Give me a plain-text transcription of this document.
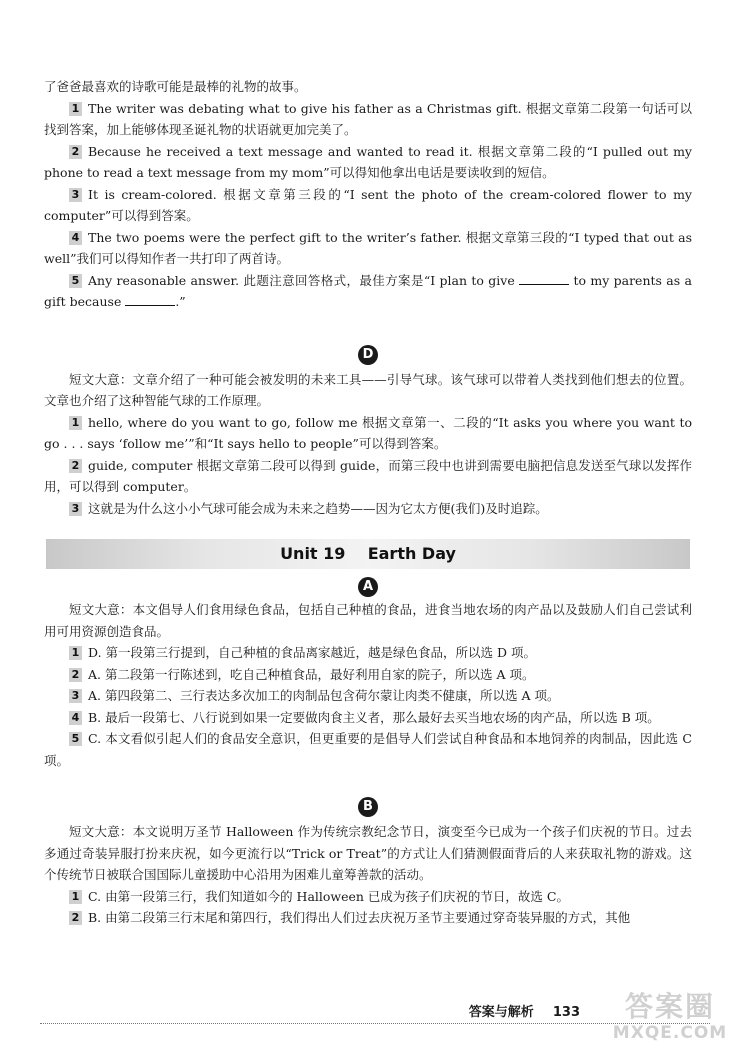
了爸爸最喜欢的诗歌可能是最棒的礼物的故事。

1 The writer was debating what to give his father as a Christmas gift. 根据文章第二段第一句话可以找到答案，加上能够体现圣诞礼物的状语就更加完美了。

2 Because he received a text message and wanted to read it. 根据文章第二段的“I pulled out my phone to read a text message from my mom”可以得知他拿出电话是要读收到的短信。

3 It is cream-colored. 根据文章第三段的“I sent the photo of the cream-colored flower to my computer”可以得到答案。

4 The two poems were the perfect gift to the writer’s father. 根据文章第三段的“I typed that out as well”我们可以得知作者一共打印了两首诗。

5 Any reasonable answer. 此题注意回答格式，最佳方案是“I plan to give	to my parents as a gift because	.”

D

短文大意：文章介绍了一种可能会被发明的未来工具——引导气球。该气球可以带着人类找到他们想去的位置。文章也介绍了这种智能气球的工作原理。

1 hello, where do you want to go, follow me 根据文章第一、二段的“It asks you where you want to go . . . says ‘follow me’”和“It says hello to people”可以得到答案。

2 guide, computer 根据文章第二段可以得到 guide，而第三段中也讲到需要电脑把信息发送至气球以发挥作用，可以得到 computer。

3 这就是为什么这小小气球可能会成为未来之趋势——因为它太方便(我们)及时追踪。

Unit 19    Earth Day
A

短文大意：本文倡导人们食用绿色食品，包括自己种植的食品，进食当地农场的肉产品以及鼓励人们自己尝试利用可用资源创造食品。

1 D. 第一段第三行提到，自己种植的食品离家越近，越是绿色食品，所以选 D 项。

2 A. 第二段第一行陈述到，吃自己种植食品，最好利用自家的院子，所以选 A 项。

3 A. 第四段第二、三行表达多次加工的肉制品包含荷尔蒙让肉类不健康，所以选 A 项。

4 B. 最后一段第七、八行说到如果一定要做肉食主义者，那么最好去买当地农场的肉产品，所以选 B 项。

5 C. 本文看似引起人们的食品安全意识，但更重要的是倡导人们尝试自种食品和本地饲养的肉制品，因此选 C 项。

B

短文大意：本文说明万圣节 Halloween 作为传统宗教纪念节日，演变至今已成为一个孩子们庆祝的节日。过去多通过奇装异服打扮来庆祝，如今更流行以“Trick or Treat”的方式让人们猜测假面背后的人来获取礼物的游戏。这个传统节日被联合国国际儿童援助中心沿用为困难儿童筹善款的活动。

1 C. 由第一段第三行，我们知道如今的 Halloween 已成为孩子们庆祝的节日，故选 C。

2 B. 由第二段第三行末尾和第四行，我们得出人们过去庆祝万圣节主要通过穿奇装异服的方式，其他

答案与解析 133	答案圈
MXQE.COM
